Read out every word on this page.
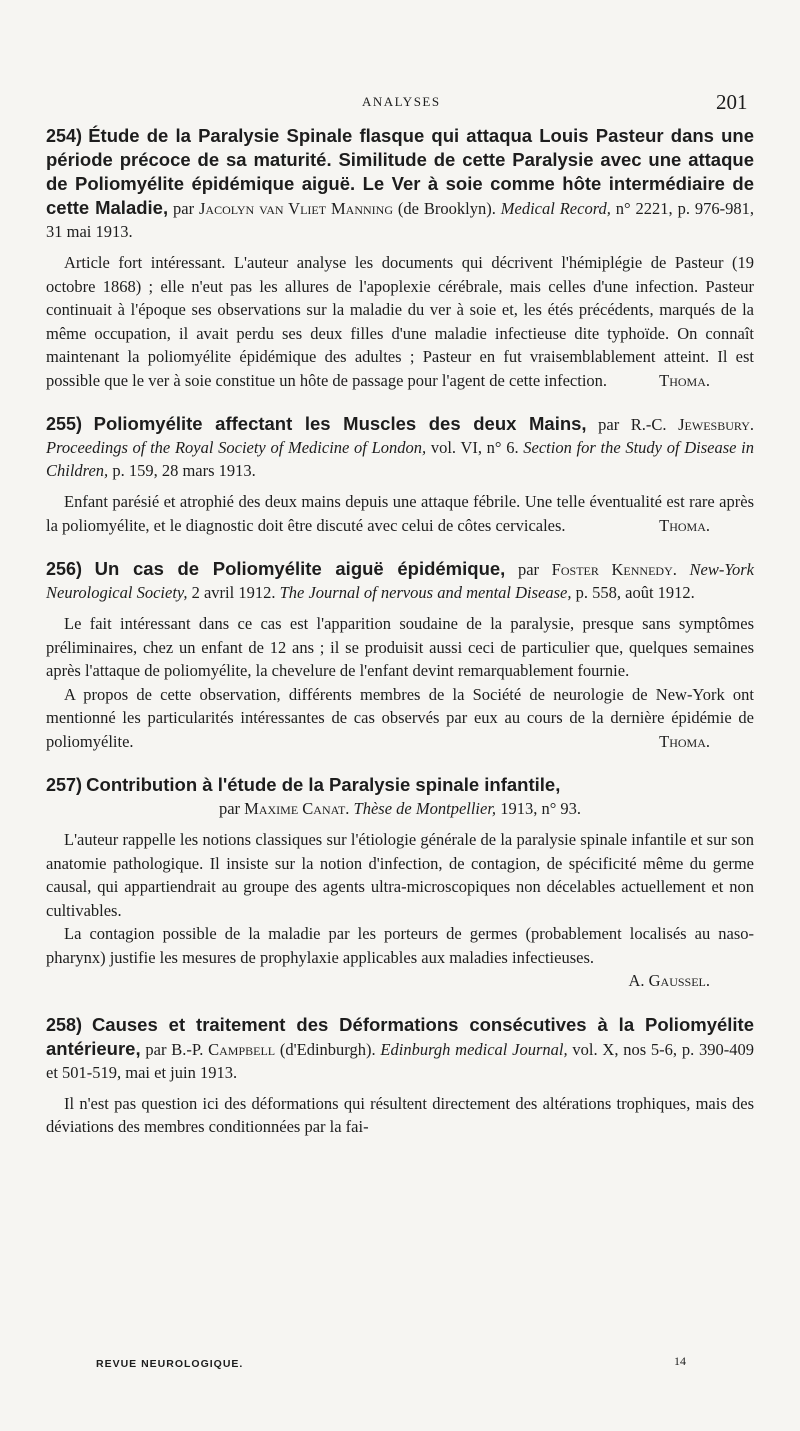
ANALYSES	201

254) Étude de la Paralysie Spinale flasque qui attaqua Louis Pasteur dans une période précoce de sa maturité. Similitude de cette Paralysie avec une attaque de Poliomyélite épidémique aiguë. Le Ver à soie comme hôte intermédiaire de cette Maladie, par Jacolyn van Vliet Manning (de Brooklyn). Medical Record, n° 2221, p. 976-981, 31 mai 1913.

Article fort intéressant. L'auteur analyse les documents qui décrivent l'hémiplégie de Pasteur (19 octobre 1868) ; elle n'eut pas les allures de l'apoplexie cérébrale, mais celles d'une infection. Pasteur continuait à l'époque ses observations sur la maladie du ver à soie et, les étés précédents, marqués de la même occupation, il avait perdu ses deux filles d'une maladie infectieuse dite typhoïde. On connaît maintenant la poliomyélite épidémique des adultes ; Pasteur en fut vraisemblablement atteint. Il est possible que le ver à soie constitue un hôte de passage pour l'agent de cette infection.	Thoma.

255) Poliomyélite affectant les Muscles des deux Mains, par R.-C. Jewesbury. Proceedings of the Royal Society of Medicine of London, vol. VI, n° 6. Section for the Study of Disease in Children, p. 159, 28 mars 1913.

Enfant parésié et atrophié des deux mains depuis une attaque fébrile. Une telle éventualité est rare après la poliomyélite, et le diagnostic doit être discuté avec celui de côtes cervicales.	Thoma.

256) Un cas de Poliomyélite aiguë épidémique, par Foster Kennedy. New-York Neurological Society, 2 avril 1912. The Journal of nervous and mental Disease, p. 558, août 1912.

Le fait intéressant dans ce cas est l'apparition soudaine de la paralysie, presque sans symptômes préliminaires, chez un enfant de 12 ans ; il se produisit aussi ceci de particulier que, quelques semaines après l'attaque de poliomyélite, la chevelure de l'enfant devint remarquablement fournie.

A propos de cette observation, différents membres de la Société de neurologie de New-York ont mentionné les particularités intéressantes de cas observés par eux au cours de la dernière épidémie de poliomyélite.	Thoma.

257) Contribution à l'étude de la Paralysie spinale infantile,
par Maxime Canat. Thèse de Montpellier, 1913, n° 93.

L'auteur rappelle les notions classiques sur l'étiologie générale de la paralysie spinale infantile et sur son anatomie pathologique. Il insiste sur la notion d'infection, de contagion, de spécificité même du germe causal, qui appartiendrait au groupe des agents ultra-microscopiques non décelables actuellement et non cultivables.

La contagion possible de la maladie par les porteurs de germes (probablement localisés au naso-pharynx) justifie les mesures de prophylaxie applicables aux maladies infectieuses.
A. Gaussel.

258) Causes et traitement des Déformations consécutives à la Poliomyélite antérieure, par B.-P. Campbell (d'Edinburgh). Edinburgh medical Journal, vol. X, nos 5-6, p. 390-409 et 501-519, mai et juin 1913.

Il n'est pas question ici des déformations qui résultent directement des altérations trophiques, mais des déviations des membres conditionnées par la fai-

REVUE NEUROLOGIQUE.	14
